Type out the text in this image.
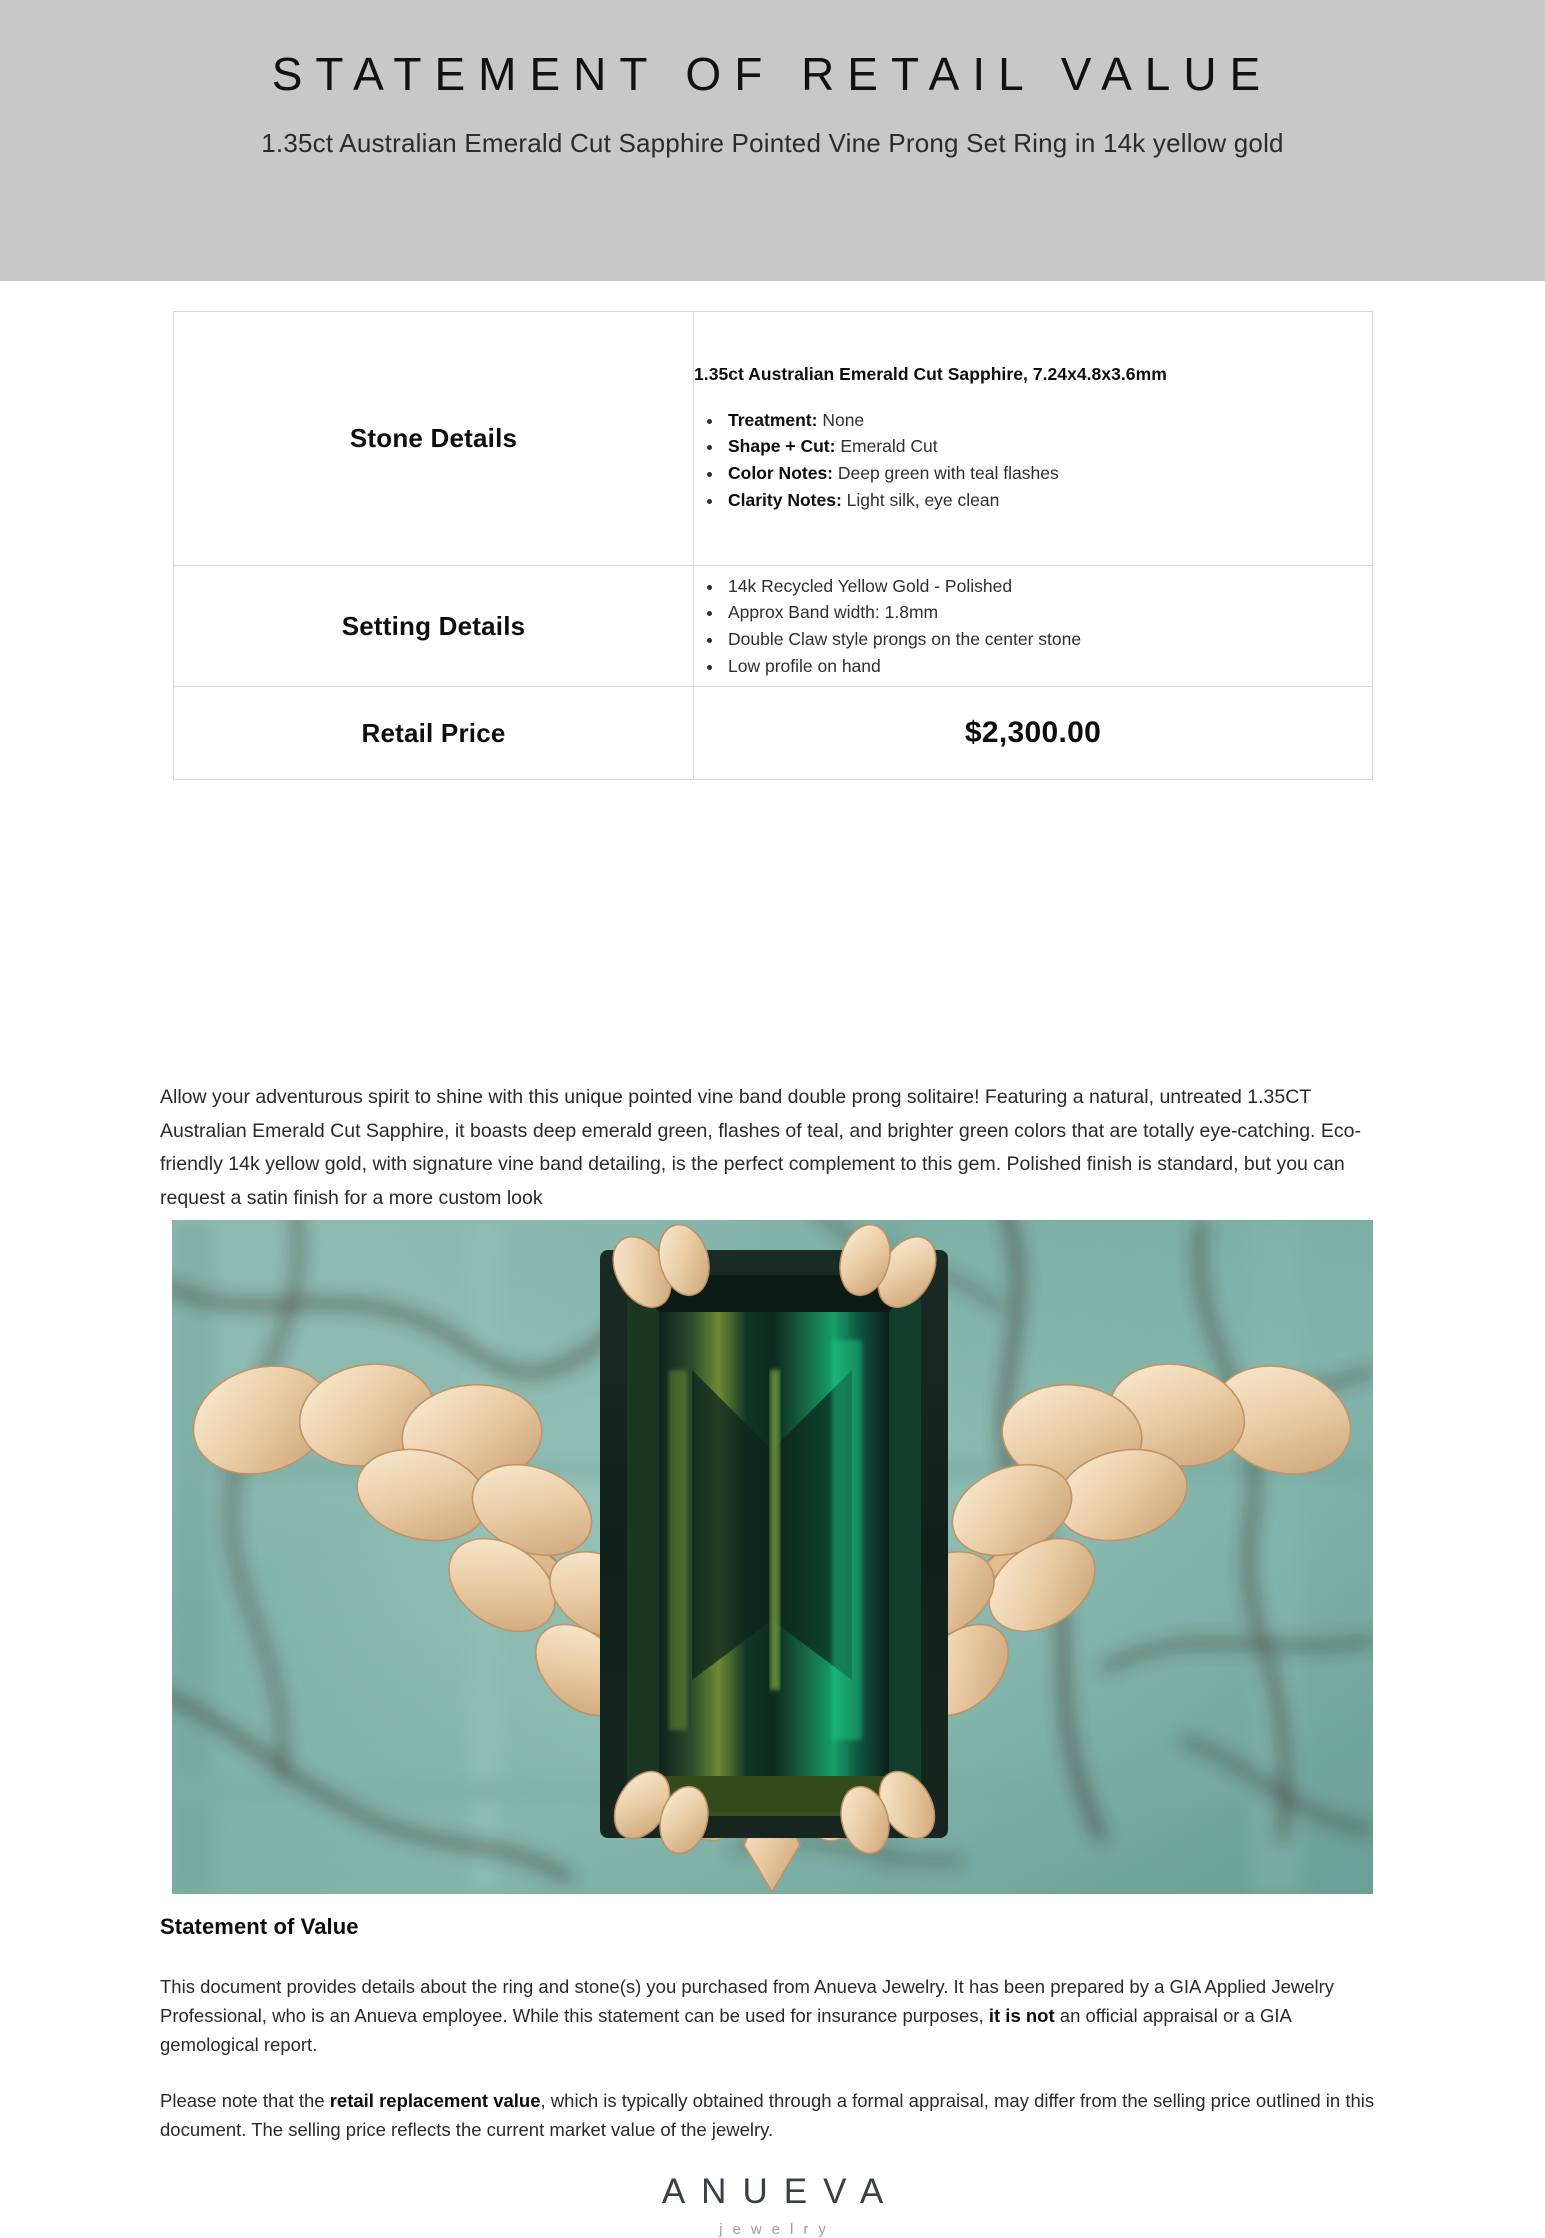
STATEMENT OF RETAIL VALUE
1.35ct Australian Emerald Cut Sapphire Pointed Vine Prong Set Ring in 14k yellow gold
Stone Details	
1.35ct Australian Emerald Cut Sapphire, 7.24x4.8x3.6mm
• Treatment: None
• Shape + Cut: Emerald Cut
• Color Notes: Deep green with teal flashes
• Clarity Notes: Light silk, eye clean

Setting Details	
• 14k Recycled Yellow Gold - Polished
• Approx Band width: 1.8mm
• Double Claw style prongs on the center stone
• Low profile on hand

Retail Price	$2,300.00
Allow your adventurous spirit to shine with this unique pointed vine band double prong solitaire! Featuring a natural, untreated 1.35CT Australian Emerald Cut Sapphire, it boasts deep emerald green, flashes of teal, and brighter green colors that are totally eye-catching. Eco-friendly 14k yellow gold, with signature vine band detailing, is the perfect complement to this gem. Polished finish is standard, but you can request a satin finish for a more custom look
Statement of Value
This document provides details about the ring and stone(s) you purchased from Anueva Jewelry. It has been prepared by a GIA Applied Jewelry Professional, who is an Anueva employee. While this statement can be used for insurance purposes, it is not an official appraisal or a GIA gemological report.
Please note that the retail replacement value, which is typically obtained through a formal appraisal, may differ from the selling price outlined in this document. The selling price reflects the current market value of the jewelry.
ANUEVA
jewelry
